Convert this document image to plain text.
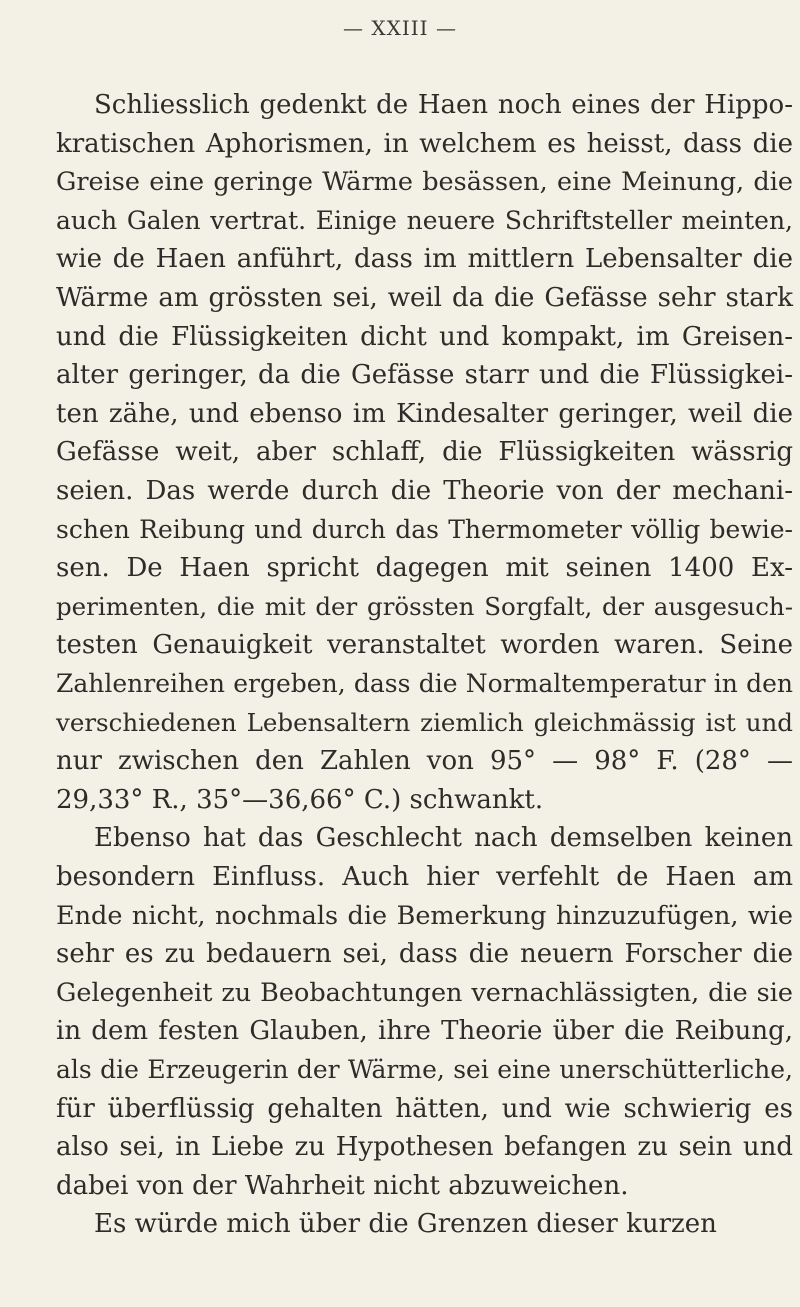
— XXIII —
Schliesslich gedenkt de Haen noch eines der Hippo-
kratischen Aphorismen, in welchem es heisst, dass die
Greise eine geringe Wärme besässen, eine Meinung, die
auch Galen vertrat. Einige neuere Schriftsteller meinten,
wie de Haen anführt, dass im mittlern Lebensalter die
Wärme am grössten sei, weil da die Gefässe sehr stark
und die Flüssigkeiten dicht und kompakt, im Greisen-
alter geringer, da die Gefässe starr und die Flüssigkei-
ten zähe, und ebenso im Kindesalter geringer, weil die
Gefässe weit, aber schlaff, die Flüssigkeiten wässrig
seien. Das werde durch die Theorie von der mechani-
schen Reibung und durch das Thermometer völlig bewie-
sen. De Haen spricht dagegen mit seinen 1400 Ex-
perimenten, die mit der grössten Sorgfalt, der ausgesuch-
testen Genauigkeit veranstaltet worden waren. Seine
Zahlenreihen ergeben, dass die Normaltemperatur in den
verschiedenen Lebensaltern ziemlich gleichmässig ist und
nur zwischen den Zahlen von 95° — 98° F. (28° —
29,33° R., 35°—36,66° C.) schwankt.
Ebenso hat das Geschlecht nach demselben keinen
besondern Einfluss. Auch hier verfehlt de Haen am
Ende nicht, nochmals die Bemerkung hinzuzufügen, wie
sehr es zu bedauern sei, dass die neuern Forscher die
Gelegenheit zu Beobachtungen vernachlässigten, die sie
in dem festen Glauben, ihre Theorie über die Reibung,
als die Erzeugerin der Wärme, sei eine unerschütterliche,
für überflüssig gehalten hätten, und wie schwierig es
also sei, in Liebe zu Hypothesen befangen zu sein und
dabei von der Wahrheit nicht abzuweichen.
Es würde mich über die Grenzen dieser kurzen
